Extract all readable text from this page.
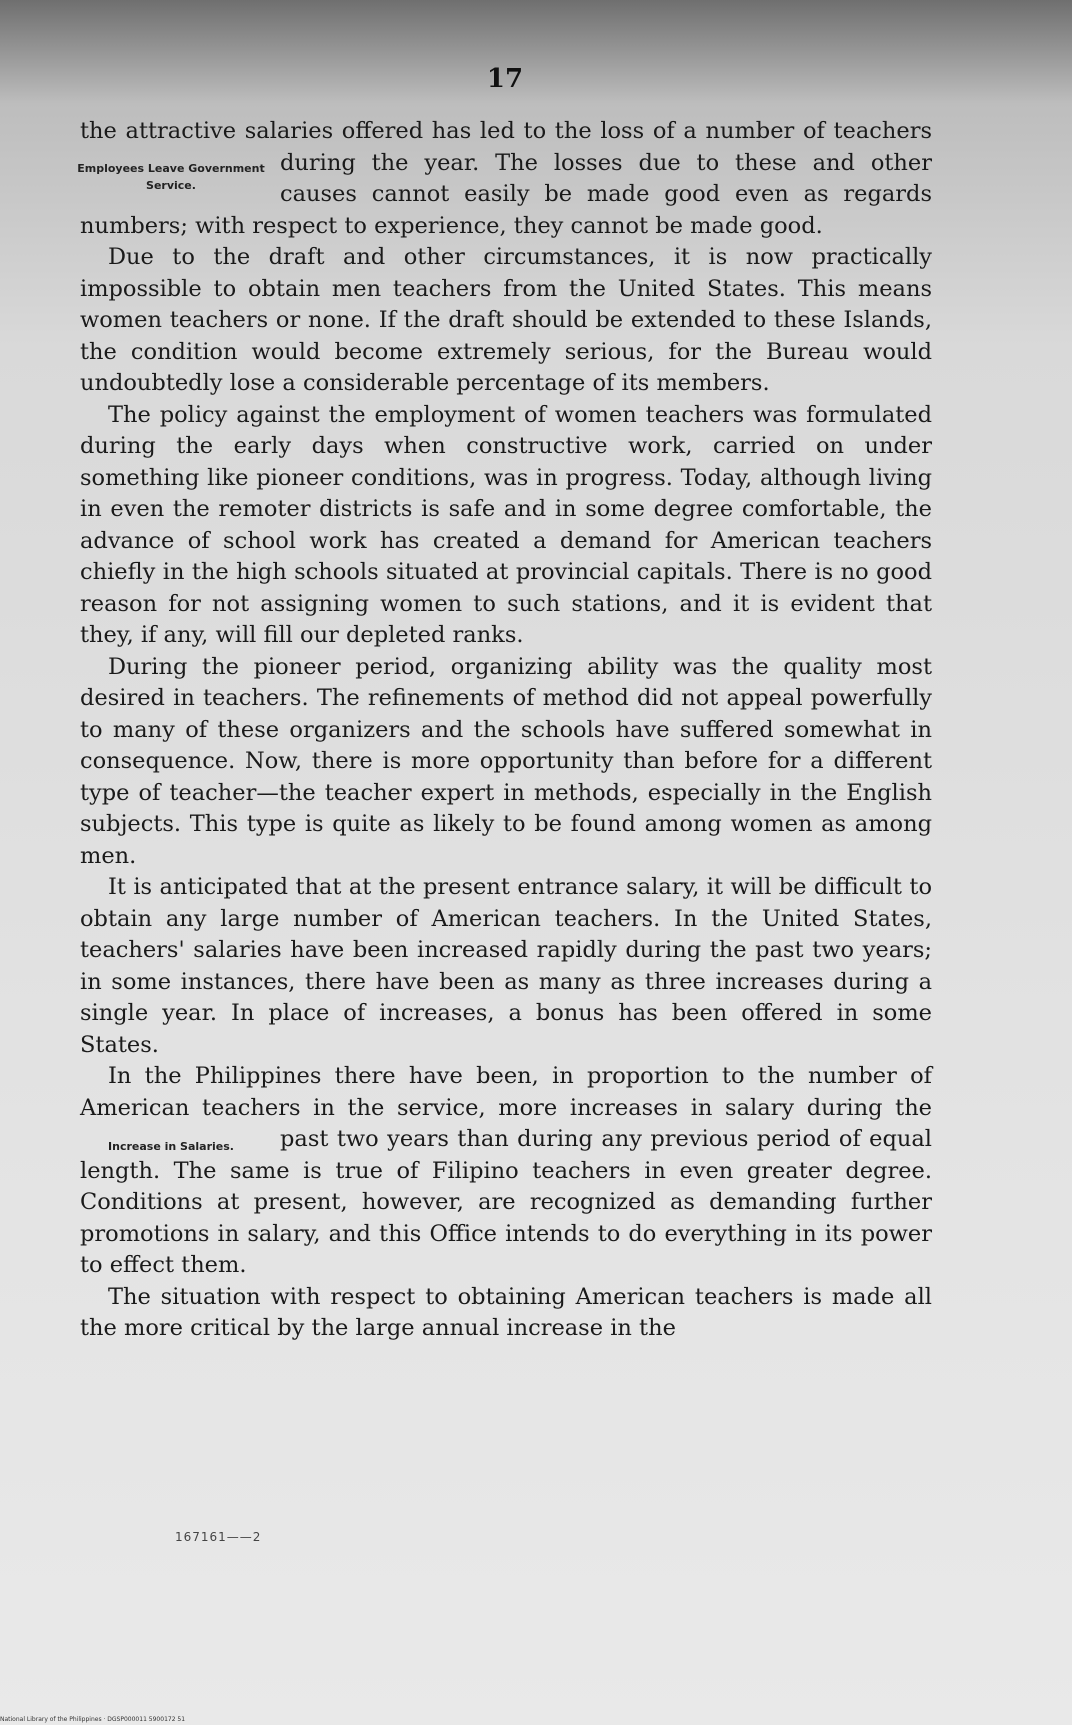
17

the attractive salaries offered has led to the loss of a number of
Employees Leave Government Service.
teachers during the year. The losses due to these and other causes cannot easily be made good even as regards numbers; with respect to experience, they cannot be made good.

Due to the draft and other circumstances, it is now practically impossible to obtain men teachers from the United States. This means women teachers or none. If the draft should be extended to these Islands, the condition would become extremely serious, for the Bureau would undoubtedly lose a considerable percentage of its members.

The policy against the employment of women teachers was formulated during the early days when constructive work, carried on under something like pioneer conditions, was in progress. Today, although living in even the remoter districts is safe and in some degree comfortable, the advance of school work has created a demand for American teachers chiefly in the high schools situated at provincial capitals. There is no good reason for not assigning women to such stations, and it is evident that they, if any, will fill our depleted ranks.

During the pioneer period, organizing ability was the quality most desired in teachers. The refinements of method did not appeal powerfully to many of these organizers and the schools have suffered somewhat in consequence. Now, there is more opportunity than before for a different type of teacher—the teacher expert in methods, especially in the English subjects. This type is quite as likely to be found among women as among men.

It is anticipated that at the present entrance salary, it will be difficult to obtain any large number of American teachers. In the United States, teachers' salaries have been increased rapidly during the past two years; in some instances, there have been as many as three increases during a single year. In place of increases, a bonus has been offered in some States.

In the Philippines there have been, in proportion to the number of American teachers in the service, more increases in salary during the past two years than during any previous period of
Increase in Salaries.	equal length. The same is true of Filipino teachers in even greater degree. Conditions at present, however, are recognized as demanding further promotions in salary, and this Office intends to do everything in its power to effect them.

The situation with respect to obtaining American teachers is made all the more critical by the large annual increase in the

167161——2
National Library of the Philippines · DGSP000011 5900172 51
